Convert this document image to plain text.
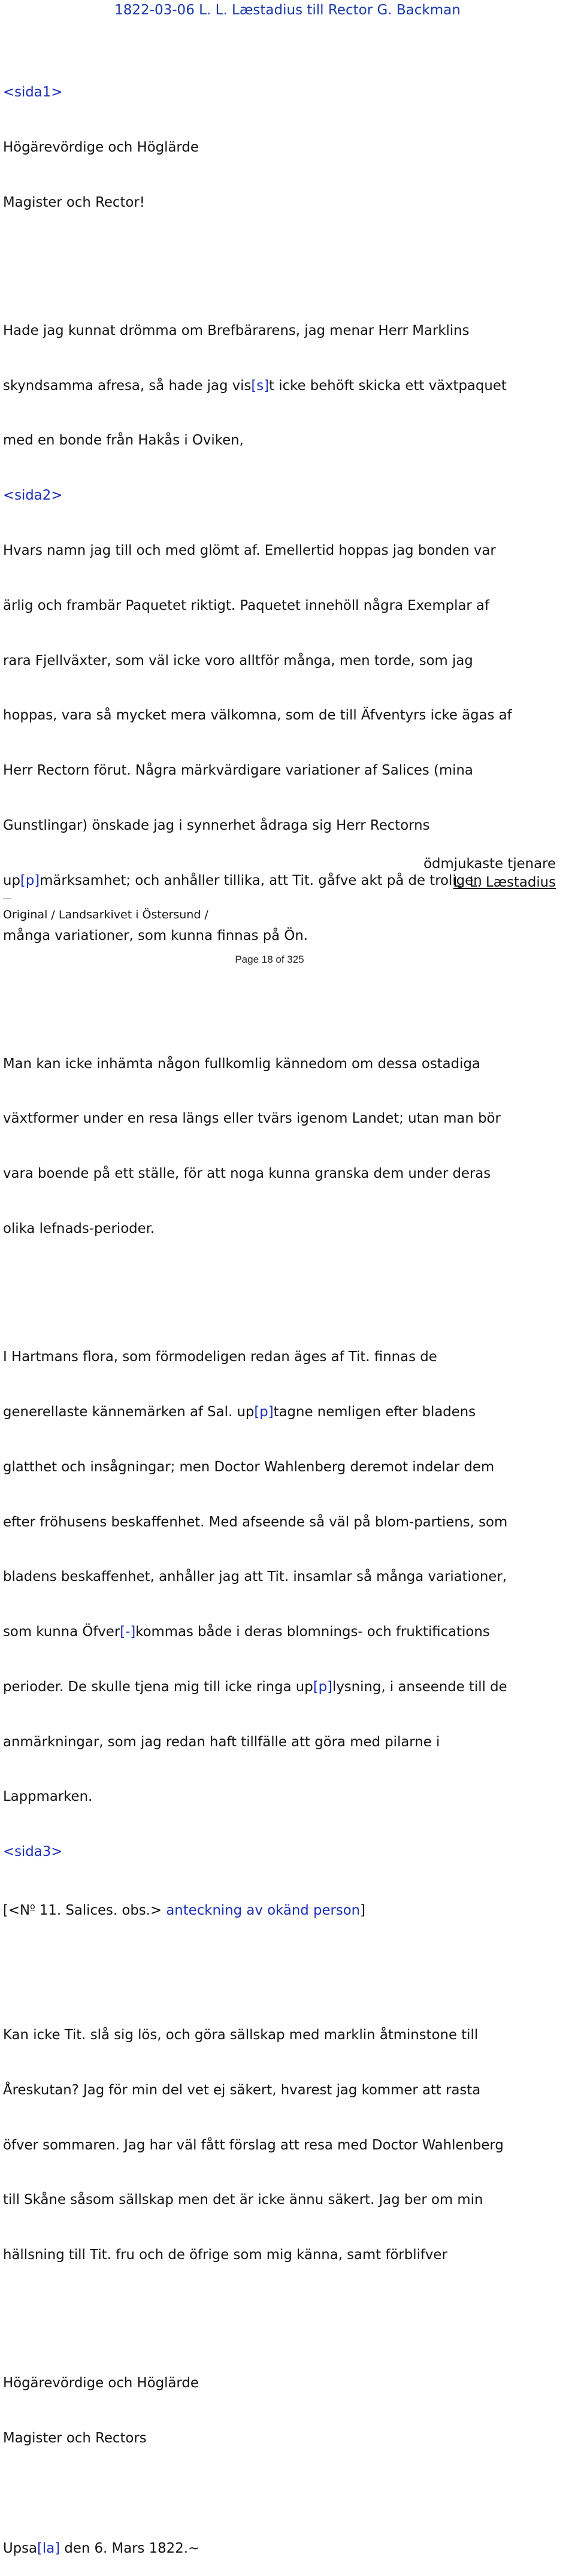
1822-03-06 L. L. Læstadius till Rector G. Backman

<sida1>

Högärevördige och Höglärde

Magister och Rector!

Hade jag kunnat drömma om Brefbärarens, jag menar Herr Marklins

skyndsamma afresa, så hade jag vis[s]t icke behöft skicka ett växtpaquet

med en bonde från Hakås i Oviken,

<sida2>

Hvars namn jag till och med glömt af. Emellertid hoppas jag bonden var

ärlig och frambär Paquetet riktigt. Paquetet innehöll några Exemplar af

rara Fjellväxter, som väl icke voro alltför många, men torde, som jag

hoppas, vara så mycket mera välkomna, som de till Äfventyrs icke ägas af

Herr Rectorn förut. Några märkvärdigare variationer af Salices (mina

Gunstlingar) önskade jag i synnerhet ådraga sig Herr Rectorns

up[p]märksamhet; och anhåller tillika, att Tit. gåfve akt på de troligen

många variationer, som kunna finnas på Ön.

Man kan icke inhämta någon fullkomlig kännedom om dessa ostadiga

växtformer under en resa längs eller tvärs igenom Landet; utan man bör

vara boende på ett ställe, för att noga kunna granska dem under deras

olika lefnads-perioder.

I Hartmans flora, som förmodeligen redan äges af Tit. finnas de

generellaste kännemärken af Sal. up[p]tagne nemligen efter bladens

glatthet och insågningar; men Doctor Wahlenberg deremot indelar dem

efter fröhusens beskaffenhet. Med afseende så väl på blom-partiens, som

bladens beskaffenhet, anhåller jag att Tit. insamlar så många variationer,

som kunna Öfver[-]kommas både i deras blomnings- och fruktifications

perioder. De skulle tjena mig till icke ringa up[p]lysning, i anseende till de

anmärkningar, som jag redan haft tillfälle att göra med pilarne i

Lappmarken.

<sida3>

[$<N^o$ 11. Salices. obs.> anteckning av okänd person]

Kan icke Tit. slå sig lös, och göra sällskap med marklin åtminstone till

Åreskutan? Jag för min del vet ej säkert, hvarest jag kommer att rasta

öfver sommaren. Jag har väl fått förslag att resa med Doctor Wahlenberg

till Skåne såsom sällskap men det är icke ännu säkert. Jag ber om min

hällsning till Tit. fru och de öfrige som mig känna, samt förblifver

Högärevördige och Höglärde

Magister och Rectors

Upsa[la] den 6. Mars 1822.~

ödmjukaste tjenare
L. L. Læstadius
Original / Landsarkivet i Östersund /
Page 18 of 325
